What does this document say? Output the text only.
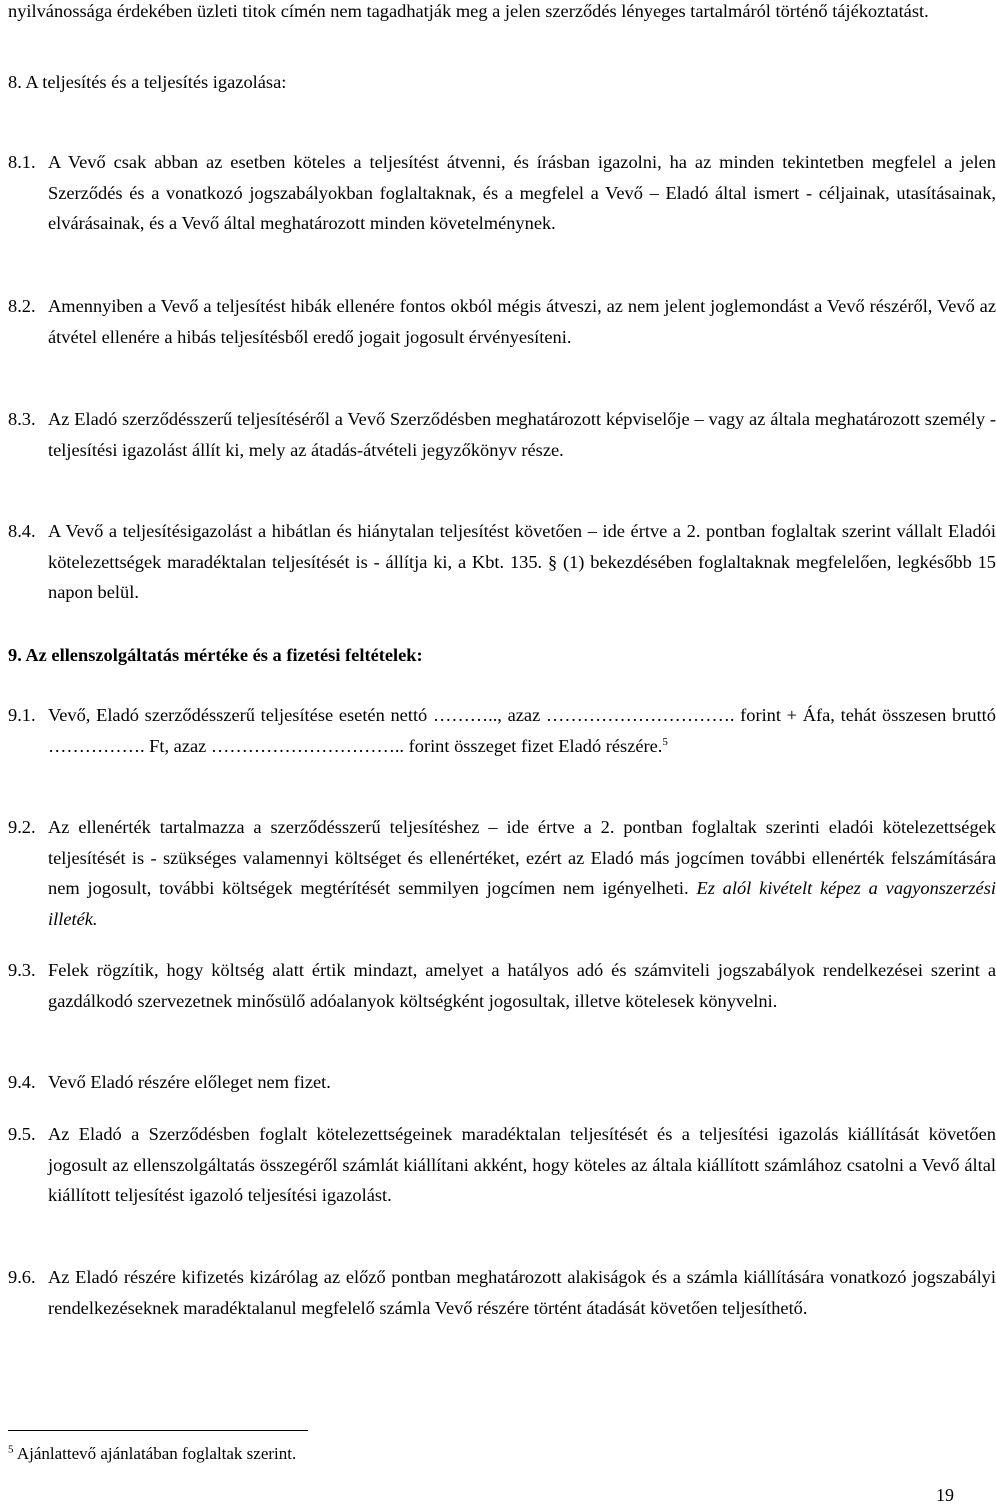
nyilvánossága érdekében üzleti titok címén nem tagadhatják meg a jelen szerződés lényeges tartalmáról történő tájékoztatást.

8. A teljesítés és a teljesítés igazolása:

8.1. A Vevő csak abban az esetben köteles a teljesítést átvenni, és írásban igazolni, ha az minden tekintetben megfelel a jelen Szerződés és a vonatkozó jogszabályokban foglaltaknak, és a megfelel a Vevő – Eladó által ismert - céljainak, utasításainak, elvárásainak, és a Vevő által meghatározott minden követelménynek.

8.2. Amennyiben a Vevő a teljesítést hibák ellenére fontos okból mégis átveszi, az nem jelent joglemondást a Vevő részéről, Vevő az átvétel ellenére a hibás teljesítésből eredő jogait jogosult érvényesíteni.

8.3. Az Eladó szerződésszerű teljesítéséről a Vevő Szerződésben meghatározott képviselője – vagy az általa meghatározott személy - teljesítési igazolást állít ki, mely az átadás-átvételi jegyzőkönyv része.

8.4. A Vevő a teljesítésigazolást a hibátlan és hiánytalan teljesítést követően – ide értve a 2. pontban foglaltak szerint vállalt Eladói kötelezettségek maradéktalan teljesítését is - állítja ki, a Kbt. 135. § (1) bekezdésében foglaltaknak megfelelően, legkésőbb 15 napon belül.

9. Az ellenszolgáltatás mértéke és a fizetési feltételek:

9.1. Vevő, Eladó szerződésszerű teljesítése esetén nettó ……….., azaz …………………………. forint + Áfa, tehát összesen bruttó ……………. Ft, azaz ………………………….. forint összeget fizet Eladó részére.$^5$

9.2. Az ellenérték tartalmazza a szerződésszerű teljesítéshez – ide értve a 2. pontban foglaltak szerinti eladói kötelezettségek teljesítését is - szükséges valamennyi költséget és ellenértéket, ezért az Eladó más jogcímen további ellenérték felszámítására nem jogosult, további költségek megtérítését semmilyen jogcímen nem igényelheti. Ez alól kivételt képez a vagyonszerzési illeték.

9.3. Felek rögzítik, hogy költség alatt értik mindazt, amelyet a hatályos adó és számviteli jogszabályok rendelkezései szerint a gazdálkodó szervezetnek minősülő adóalanyok költségként jogosultak, illetve kötelesek könyvelni.

9.4. Vevő Eladó részére előleget nem fizet.

9.5. Az Eladó a Szerződésben foglalt kötelezettségeinek maradéktalan teljesítését és a teljesítési igazolás kiállítását követően jogosult az ellenszolgáltatás összegéről számlát kiállítani akként, hogy köteles az általa kiállított számlához csatolni a Vevő által kiállított teljesítést igazoló teljesítési igazolást.

9.6. Az Eladó részére kifizetés kizárólag az előző pontban meghatározott alakiságok és a számla kiállítására vonatkozó jogszabályi rendelkezéseknek maradéktalanul megfelelő számla Vevő részére történt átadását követően teljesíthető.

$^5$ Ajánlattevő ajánlatában foglaltak szerint.
19
